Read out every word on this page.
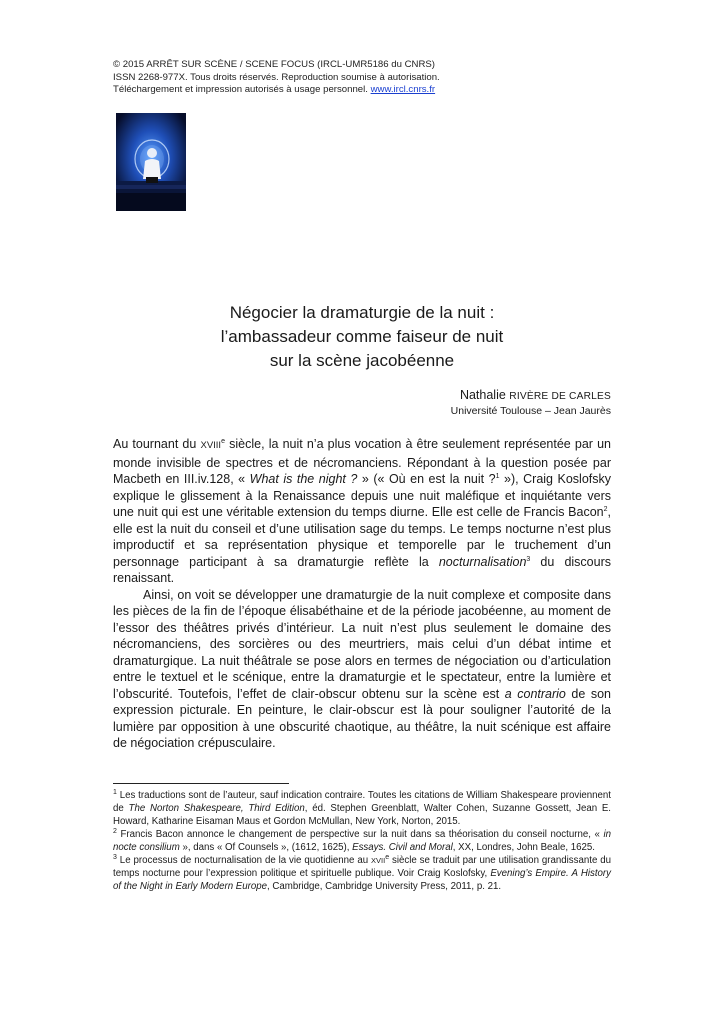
© 2015 ARRÊT SUR SCÈNE / SCENE FOCUS (IRCL-UMR5186 du CNRS)
ISSN 2268-977X. Tous droits réservés. Reproduction soumise à autorisation.
Téléchargement et impression autorisés à usage personnel. www.ircl.cnrs.fr
Négocier la dramaturgie de la nuit :
l’ambassadeur comme faiseur de nuit
sur la scène jacobéenne
Nathalie RIVÈRE DE CARLES
Université Toulouse – Jean Jaurès

Au tournant du XVIIIe siècle, la nuit n’a plus vocation à être seulement représentée par un monde invisible de spectres et de nécromanciens. Répondant à la question posée par Macbeth en III.iv.128, « What is the night ? » (« Où en est la nuit ?$^1$ »), Craig Koslofsky explique le glissement à la Renaissance depuis une nuit maléfique et inquiétante vers une nuit qui est une véritable extension du temps diurne. Elle est celle de Francis Bacon$^2$, elle est la nuit du conseil et d’une utilisation sage du temps. Le temps nocturne n’est plus improductif et sa représentation physique et temporelle par le truchement d’un personnage participant à sa dramaturgie reflète la nocturnalisation$^3$ du discours renaissant.

Ainsi, on voit se développer une dramaturgie de la nuit complexe et composite dans les pièces de la fin de l’époque élisabéthaine et de la période jacobéenne, au moment de l’essor des théâtres privés d’intérieur. La nuit n’est plus seulement le domaine des nécromanciens, des sorcières ou des meurtriers, mais celui d’un débat intime et dramaturgique. La nuit théâtrale se pose alors en termes de négociation ou d’articulation entre le textuel et le scénique, entre la dramaturgie et le spectateur, entre la lumière et l’obscurité. Toutefois, l’effet de clair-obscur obtenu sur la scène est a contrario de son expression picturale. En peinture, le clair-obscur est là pour souligner l’autorité de la lumière par opposition à une obscurité chaotique, au théâtre, la nuit scénique est affaire de négociation crépusculaire.

$^1$ Les traductions sont de l’auteur, sauf indication contraire. Toutes les citations de William Shakespeare proviennent de The Norton Shakespeare, Third Edition, éd. Stephen Greenblatt, Walter Cohen, Suzanne Gossett, Jean E. Howard, Katharine Eisaman Maus et Gordon McMullan, New York, Norton, 2015.

$^2$ Francis Bacon annonce le changement de perspective sur la nuit dans sa théorisation du conseil nocturne, « in nocte consilium », dans « Of Counsels », (1612, 1625), Essays. Civil and Moral, XX, Londres, John Beale, 1625.

$^3$ Le processus de nocturnalisation de la vie quotidienne au XVIIe siècle se traduit par une utilisation grandissante du temps nocturne pour l’expression politique et spirituelle publique. Voir Craig Koslofsky, Evening’s Empire. A History of the Night in Early Modern Europe, Cambridge, Cambridge University Press, 2011, p. 21.
